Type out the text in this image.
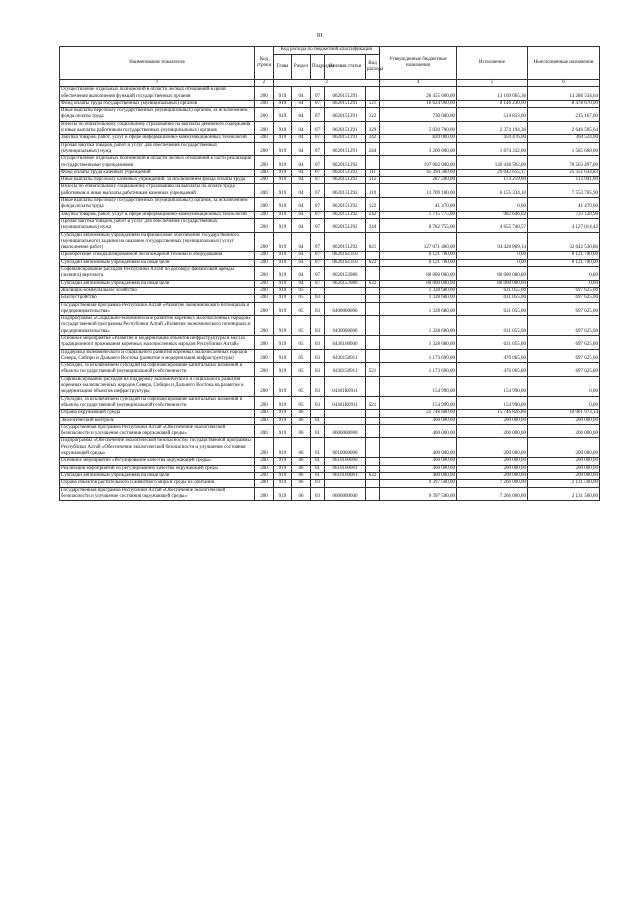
81
Наименование показателя	Код строки	Код расхода по бюджетной классификации					Утвержденные бюджетные назначения	Исполнение	Неисполненные назначения
		Глава	Раздел	Подраздел	Целевая статья	Вид расхода			
1	2	3					4	5	6
Осуществление отдельных полномочий в области лесных отношений в целях обеспечения выполнения функций государственных органов	200	919	04	07	0620151291		26 455 600,00	13 169 065,36	13 286 534,64
Фонд оплаты труда государственных (муниципальных) органов	200	919	04	07	0620151291	121	16 624 900,00	8 146 230,00	8 478 670,00
Иные выплаты персоналу государственных (муниципальных) органов, за исключением фонда оплаты труда	200	919	04	07	0620151291	122	730 000,00	514 833,00	215 167,00
Взносы по обязательному социальному страхованию на выплаты денежного содержания и иные выплаты работникам государственных (муниципальных) органов	200	919	04	07	0620151291	129	5 020 700,00	2 374 194,36	2 646 505,64
Закупка товаров, работ, услуг в сфере информационно-коммуникационных технологий	200	919	04	07	0620151291	242	820 000,00	459 476,00	360 524,00
Прочая закупка товаров, работ и услуг для обеспечения государственных (муниципальных) нужд	200	919	04	07	0620151291	244	3 260 000,00	1 674 332,00	1 585 668,00
Осуществление отдельных полномочий в области лесных отношений в части реализации государственными учреждениями	200	919	04	07	0620151292		197 002 000,00	126 438 502,00	70 563 497,00
Фонд оплаты труда казенных учреждений	200	919	04	07	0620151292	111	45 394 300,00	29 042 655,17	25 351 644,83
Иные выплаты персоналу казенных учреждений, за исключением фонда оплаты труда	200	919	04	07	0620151292	112	287 200,00	173 259,00	113 941,00
Взносы по обязательному социальному страхованию на выплаты по оплате труда работников и иные выплаты работникам казенных учреждений	200	919	04	07	0620151292	119	13 709 100,00	6 155 334,10	7 553 765,90
Иные выплаты персоналу государственных (муниципальных) органов, за исключением фонда оплаты труда	200	919	04	07	0620151292	122	41 470,00	0,00	41 470,00
Закупка товаров, работ, услуг в сфере информационно-коммуникационных технологий	200	919	04	07	0620151292	242	1 715 775,00	982 646,02	733 128,98
Прочая закупка товаров, работ и услуг для обеспечения государственных (муниципальных) нужд	200	919	04	07	0620151292	244	8 782 755,00	4 655 740,57	4 127 014,43
Субсидии автономным учреждениям на финансовое обеспечение государственного (муниципального) задания на оказание государственных (муниципальных) услуг (выполнение работ)	200	919	04	07	0620151292	621	127 071 400,00	94 428 869,14	32 642 530,86
Приобретение специализированной лесопожарной техники и оборудования	200	919	04	07	06201S1310		6 121 700,00	0,00	6 121 700,00
Субсидии автономным учреждениям на иные цели	200	919	04	07	06201S1310	622	6 121 700,00	0,00	6 121 700,00
Софинансирование расходов Республики Алтай по договору финансовой аренды (лизинга) вертолета	200	919	04	07	0620153980		80 000 000,00	80 000 000,00	0,00
Субсидии автономным учреждениям на иные цели	200	919	04	07	0620153980	622	80 000 000,00	80 000 000,00	0,00
Жилищно-коммунальное хозяйство	200	919	05				1 328 680,00	631 055,00	697 625,00
Благоустройство	200	919	05	03			1 328 680,00	631 055,00	697 625,00
Государственная программа Республики Алтай «Развитие экономического потенциала и предпринимательства»	200	919	05	03	0400000000		1 328 680,00	631 055,00	697 625,00
Подпрограмма «Социально-экономическое развитие коренных малочисленных народов» государственной программы Республики Алтай «Развитие экономического потенциала и предпринимательства»	200	919	05	03	0430000000		1 328 680,00	631 055,00	697 625,00
Основное мероприятие «Развитие и модернизация объектов инфраструктуры в местах традиционного проживания коренных малочисленных народов Республики Алтай»	200	919	05	03	0430100000		1 328 680,00	631 055,00	697 625,00
Поддержка экономического и социального развития коренных малочисленных народов Севера, Сибири и Дальнего Востока (развитие и модернизация инфраструктуры)	200	919	05	03	0430150911		1 173 690,00	476 065,00	697 625,00
Субсидии, за исключением субсидий на софинансирование капитальных вложений в объекты государственной (муниципальной) собственности	200	919	05	03	0430150911	521	1 173 690,00	476 065,00	697 625,00
Софинансирование расходов на поддержку экономического и социального развития коренных малочисленных народов Севера, Сибири и Дальнего Востока на развитие и модернизацию объектов инфраструктуры	200	919	05	03	04301R0911		154 990,00	154 990,00	0,00
Субсидии, за исключением субсидий на софинансирование капитальных вложений в объекты государственной (муниципальной) собственности	200	919	05	03	04301R0911	521	154 990,00	154 990,00	0,00
Охрана окружающей среды	200	919	06				25 748 800,00	15 746 826,86	10 001 973,14
Экологический контроль	200	919	06	01			400 000,00	200 000,00	200 000,00
Государственная программа Республики Алтай «Обеспечение экологической безопасности и улучшение состояния окружающей среды»	200	919	06	01	0600000000		400 000,00	200 000,00	200 000,00
Подпрограмма «Обеспечение экологической безопасности» государственной программы Республики Алтай «Обеспечение экологической безопасности и улучшение состояния окружающей среды»	200	919	06	01	0610000000		400 000,00	200 000,00	200 000,00
Основное мероприятие «Регулирование качества окружающей среды»	200	919	06	01	0610100000		400 000,00	200 000,00	200 000,00
Реализация мероприятий по регулированию качества окружающей среды	200	919	06	01	0610100001		400 000,00	200 000,00	200 000,00
Субсидии автономным учреждениям на иные цели	200	919	06	01	0610100001	622	400 000,00	200 000,00	200 000,00
Охрана объектов растительного и животного мира и среды их обитания	200	919	06	03			9 397 500,00	7 266 000,00	2 131 500,00
Государственная программа Республики Алтай «Обеспечение экологической безопасности и улучшение состояния окружающей среды»	200	919	06	03	0600000000		9 397 500,00	7 266 000,00	2 131 500,00
